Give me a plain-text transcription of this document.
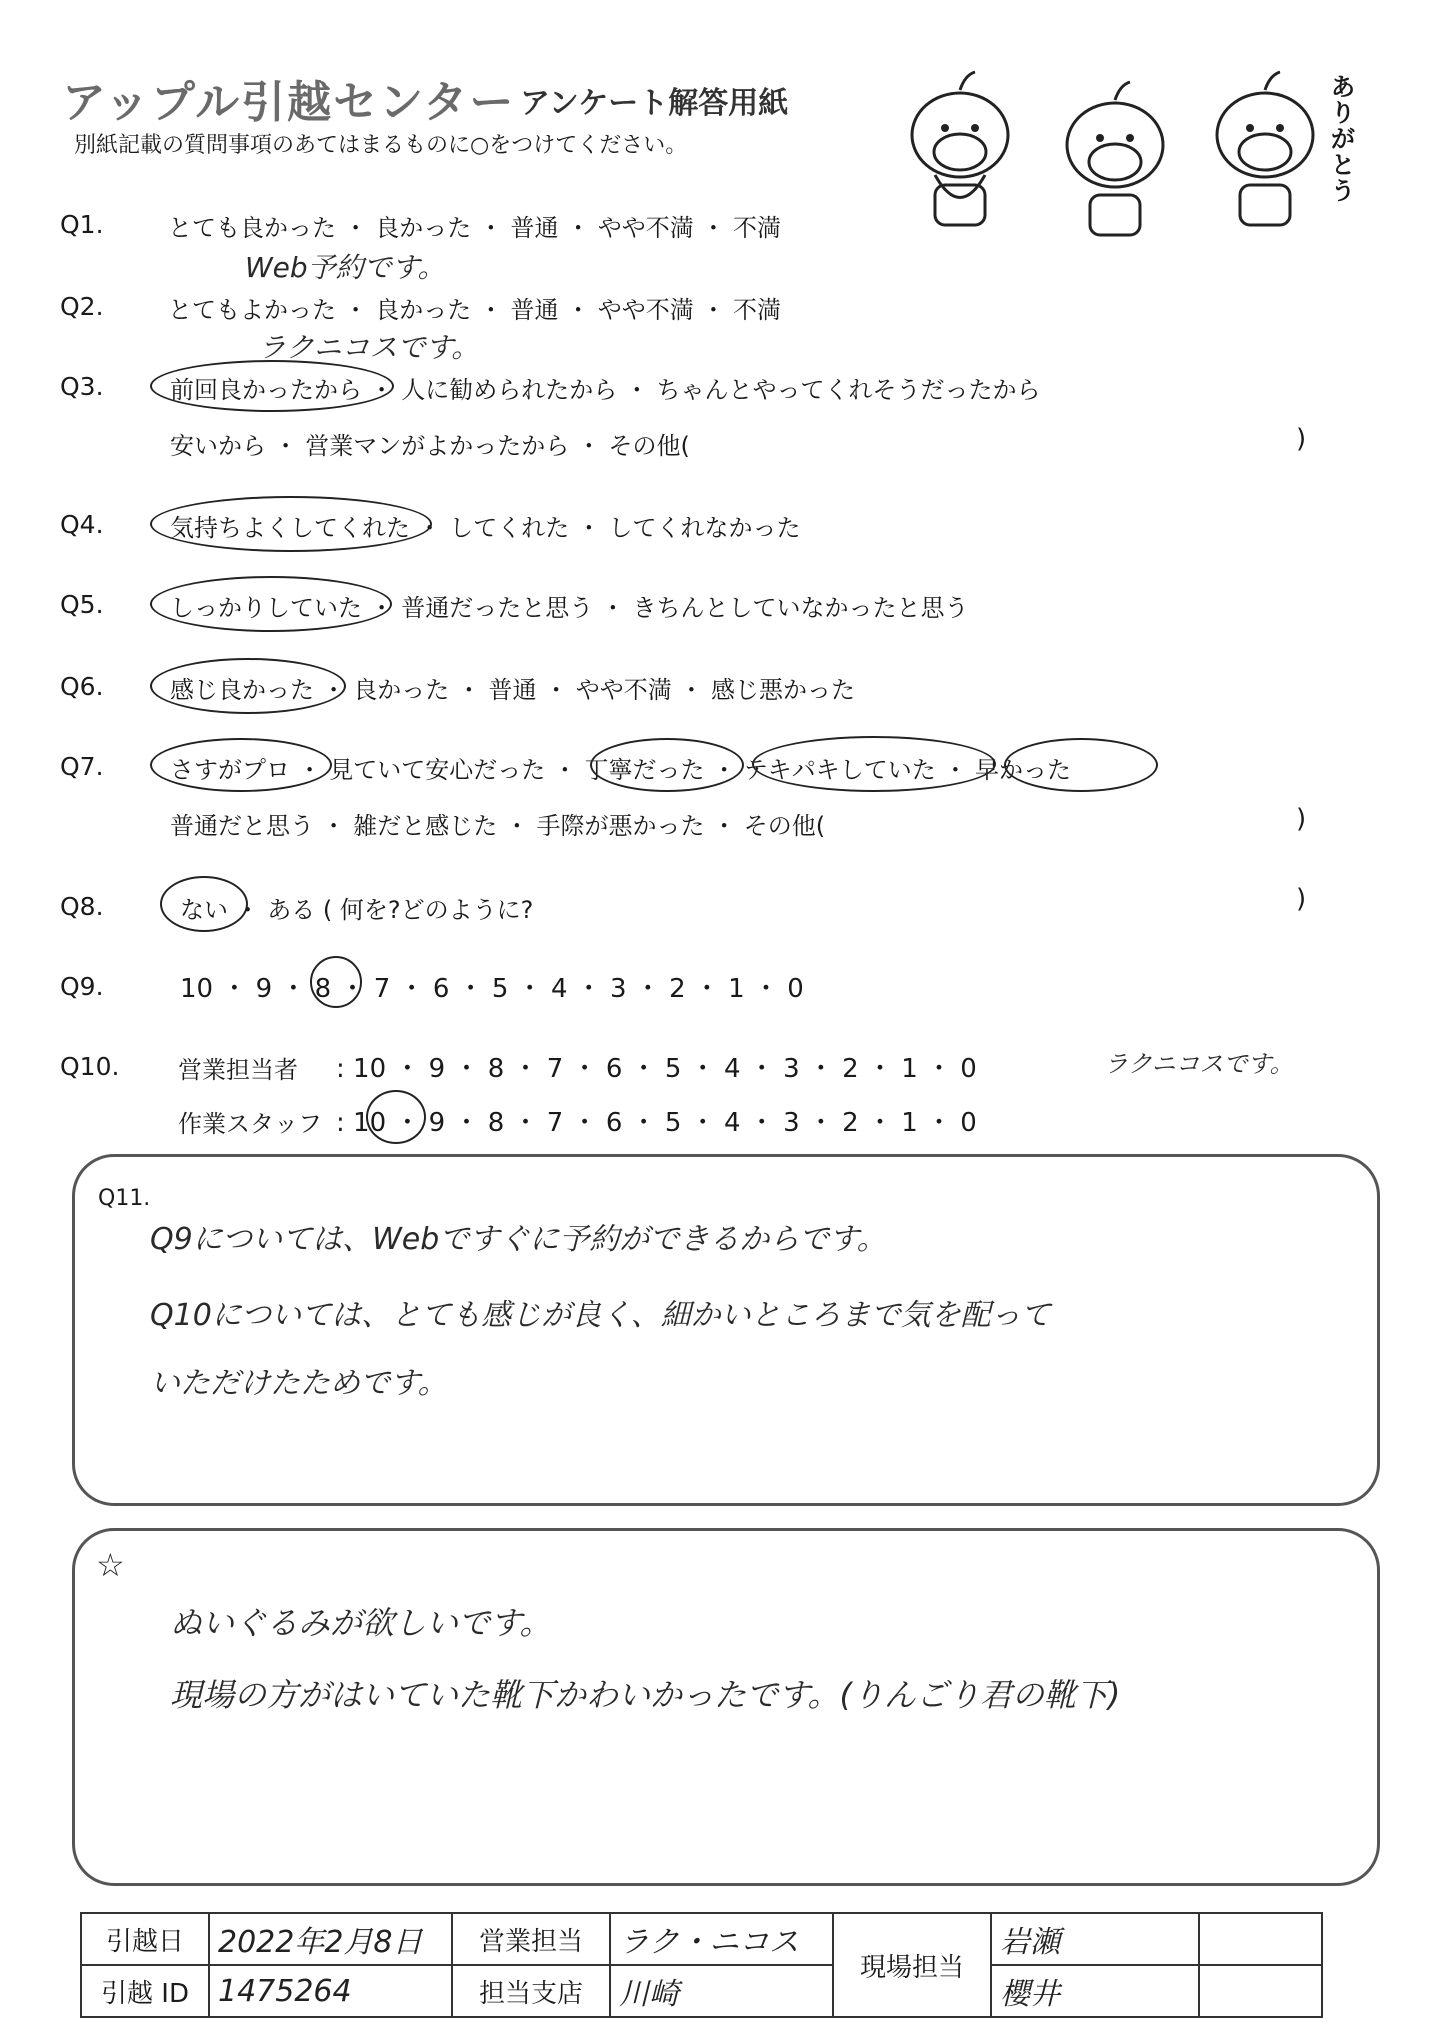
アップル引越センター アンケート解答用紙
別紙記載の質問事項のあてはまるものに○をつけてください。
ありがとう
Q1.	とても良かった ・ 良かった ・ 普通 ・ やや不満 ・ 不満
Web予約です。
Q2.	とてもよかった ・ 良かった ・ 普通 ・ やや不満 ・ 不満
ラクニコスです。
Q3.	前回良かったから ・ 人に勧められたから ・ ちゃんとやってくれそうだったから
安いから ・ 営業マンがよかったから ・ その他(	)
Q4.	気持ちよくしてくれた ・ してくれた ・ してくれなかった
Q5.	しっかりしていた ・ 普通だったと思う ・ きちんとしていなかったと思う
Q6.	感じ良かった ・ 良かった ・ 普通 ・ やや不満 ・ 感じ悪かった
Q7.	さすがプロ ・ 見ていて安心だった ・ 丁寧だった ・ テキパキしていた ・ 早かった
普通だと思う ・ 雑だと感じた ・ 手際が悪かった ・ その他(	)
Q8.	ない ・ ある ( 何を?どのように?	)
Q9.	10 ・ 9 ・ 8 ・ 7 ・ 6 ・ 5 ・ 4 ・ 3 ・ 2 ・ 1 ・ 0
Q10. 営業担当者 : 10 ・ 9 ・ 8 ・ 7 ・ 6 ・ 5 ・ 4 ・ 3 ・ 2 ・ 1 ・ 0	ラクニコスです。
作業スタッフ : 10 ・ 9 ・ 8 ・ 7 ・ 6 ・ 5 ・ 4 ・ 3 ・ 2 ・ 1 ・ 0
Q11.
Q9については、Webですぐに予約ができるからです。
Q10については、とても感じが良く、細かいところまで気を配って
いただけたためです。
☆
ぬいぐるみが欲しいです。
現場の方がはいていた靴下かわいかったです。(りんごり君の靴下)
引越日	2022年2月8日	営業担当	ラク・ニコス	現場担当	岩瀬	
引越 ID	1475264	担当支店	川崎		櫻井	
